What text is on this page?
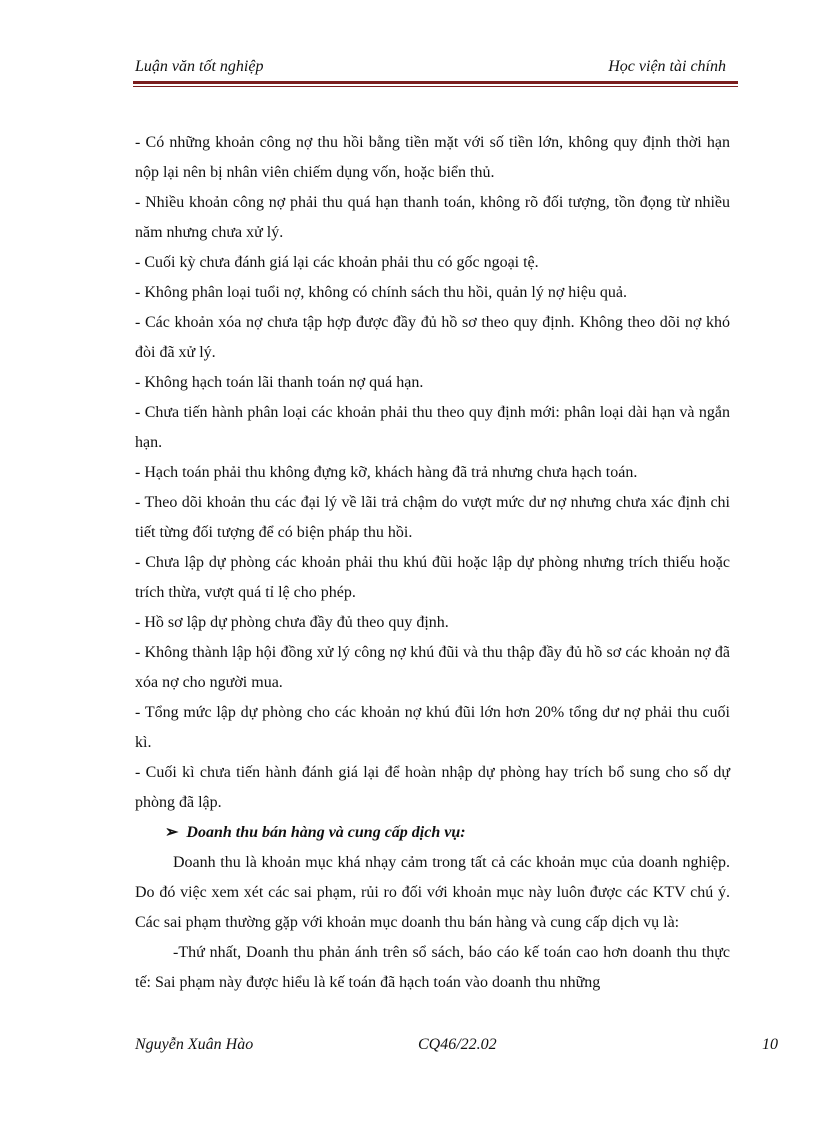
Luận văn tốt nghiệp	Học viện tài chính

- Có những khoản công nợ thu hồi bằng tiền mặt với số tiền lớn, không quy định thời hạn nộp lại nên bị nhân viên chiếm dụng vốn, hoặc biển thủ.

- Nhiều khoản công nợ phải thu quá hạn thanh toán, không rõ đối tượng, tồn đọng từ nhiều năm nhưng chưa xử lý.

- Cuối kỳ chưa đánh giá lại các khoản phải thu có gốc ngoại tệ.

- Không phân loại tuổi nợ, không có chính sách thu hồi, quản lý nợ hiệu quả.

- Các khoản xóa nợ chưa tập hợp được đầy đủ hồ sơ theo quy định. Không theo dõi nợ khó đòi đã xử lý.

- Không hạch toán lãi thanh toán nợ quá hạn.

- Chưa tiến hành phân loại các khoản phải thu theo quy định mới: phân loại dài hạn và ngắn hạn.

- Hạch toán phải thu không đựng kỡ, khách hàng đã trả nhưng chưa hạch toán.

- Theo dõi khoản thu các đại lý về lãi trả chậm do vượt mức dư nợ nhưng chưa xác định chi tiết từng đối tượng để có biện pháp thu hồi.

- Chưa lập dự phòng các khoản phải thu khú đũi hoặc lập dự phòng nhưng trích thiếu hoặc trích thừa, vượt quá tỉ lệ cho phép.

- Hồ sơ lập dự phòng chưa đầy đủ theo quy định.

- Không thành lập hội đồng xử lý công nợ khú đũi và thu thập đầy đủ hồ sơ các khoản nợ đã xóa nợ cho người mua.

- Tổng mức lập dự phòng cho các khoản nợ khú đũi lớn hơn 20% tổng dư nợ phải thu cuối kì.

- Cuối kì chưa tiến hành đánh giá lại để hoàn nhập dự phòng hay trích bổ sung cho số dự phòng đã lập.

➢ Doanh thu bán hàng và cung cấp dịch vụ:

Doanh thu là khoản mục khá nhạy cảm trong tất cả các khoản mục của doanh nghiệp. Do đó việc xem xét các sai phạm, rủi ro đối với khoản mục này luôn được các KTV chú ý. Các sai phạm thường gặp với khoản mục doanh thu bán hàng và cung cấp dịch vụ là:

-Thứ nhất, Doanh thu phản ánh trên sổ sách, báo cáo kế toán cao hơn doanh thu thực tế: Sai phạm này được hiểu là kế toán đã hạch toán vào doanh thu những

Nguyễn Xuân Hào	CQ46/22.02	10
